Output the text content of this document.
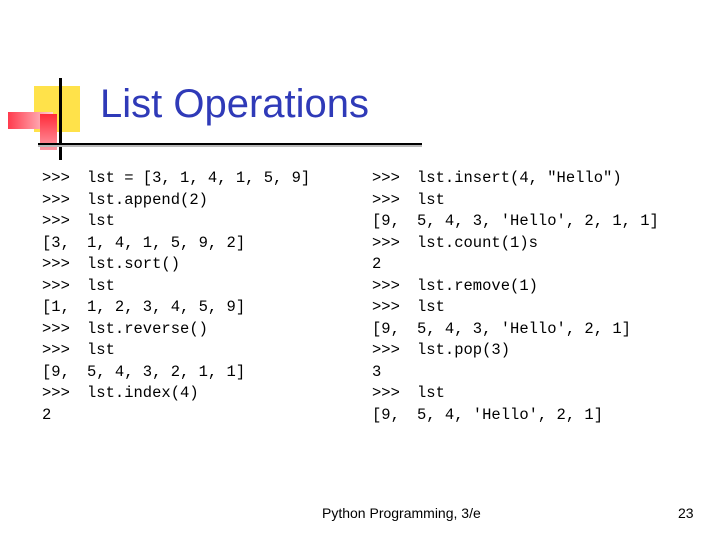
List Operations
>>>	lst = [3, 1, 4, 1, 5, 9]
>>>	lst.append(2)
>>>	lst
[3,	1, 4, 1, 5, 9, 2]
>>>	lst.sort()
>>>	lst
[1,	1, 2, 3, 4, 5, 9]
>>>	lst.reverse()
>>>	lst
[9,	5, 4, 3, 2, 1, 1]
>>>	lst.index(4)
2
>>>	lst.insert(4, "Hello")
>>>	lst
[9,	5, 4, 3, 'Hello', 2, 1, 1]
>>>	lst.count(1)s
2
>>>	lst.remove(1)
>>>	lst
[9,	5, 4, 3, 'Hello', 2, 1]
>>>	lst.pop(3)
3
>>>	lst
[9,	5, 4, 'Hello', 2, 1]
Python Programming, 3/e	23
